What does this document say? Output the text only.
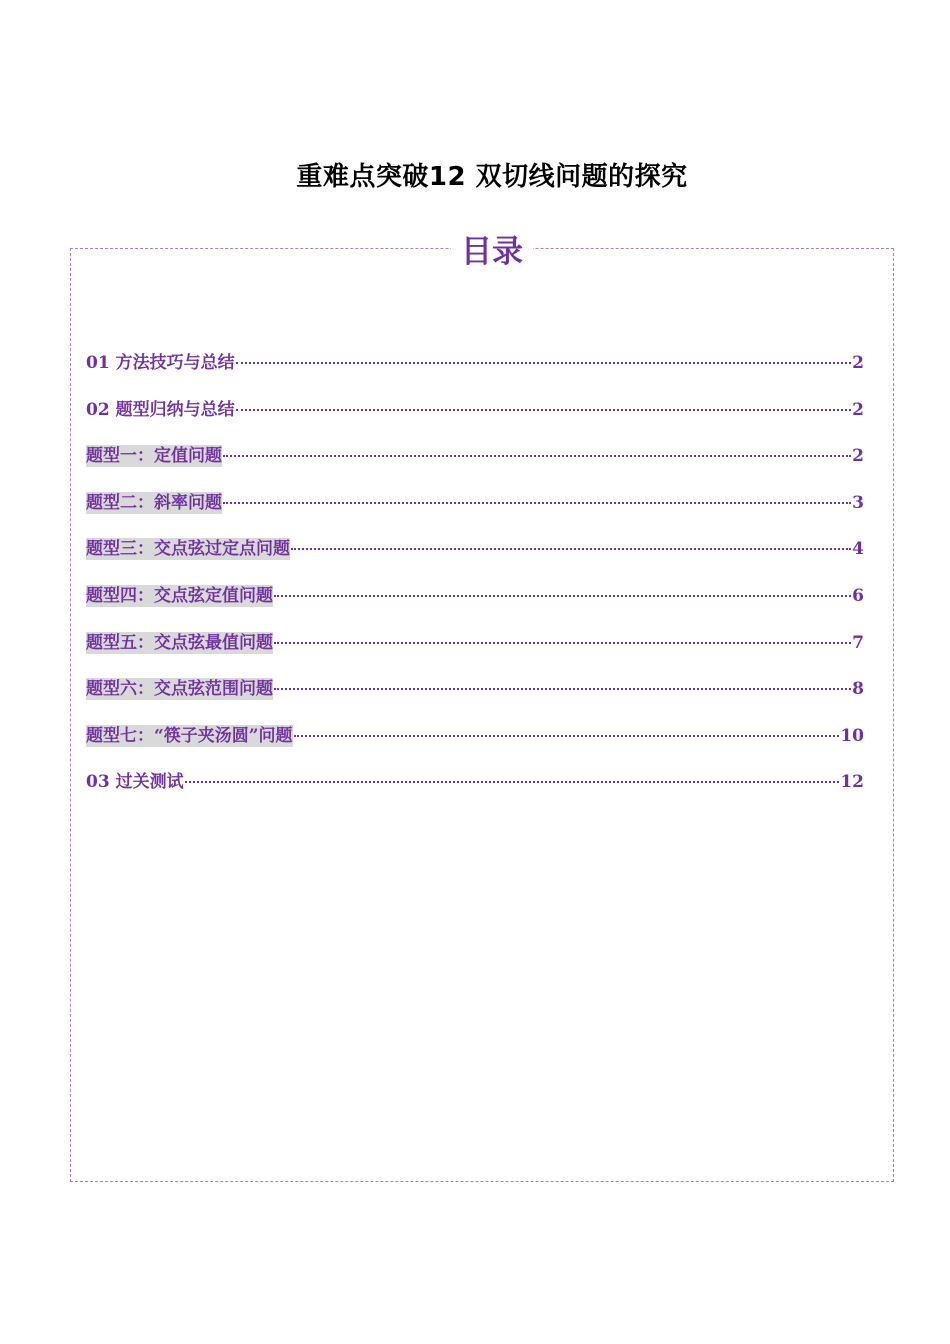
重难点突破12 双切线问题的探究
目录
01 方法技巧与总结	2
02 题型归纳与总结	2
题型一：定值问题	2
题型二：斜率问题	3
题型三：交点弦过定点问题	4
题型四：交点弦定值问题	6
题型五：交点弦最值问题	7
题型六：交点弦范围问题	8
题型七：“筷子夹汤圆”问题	10
03 过关测试	12
